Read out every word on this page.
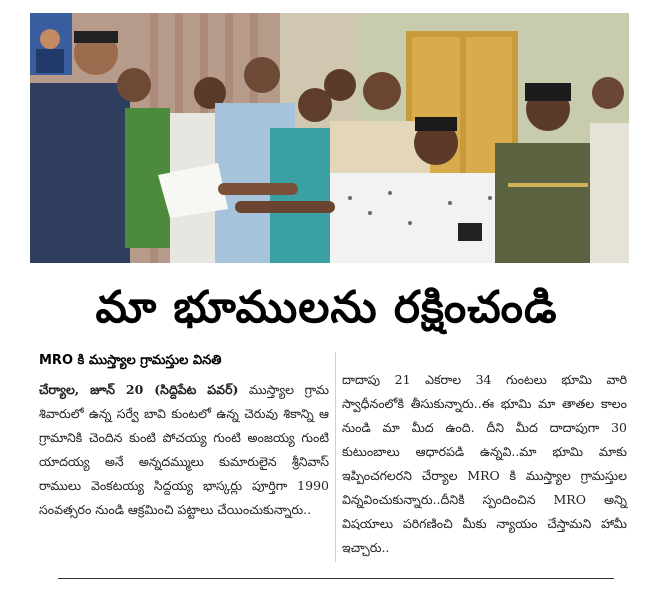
మా భూములను రక్షించండి
MRO కి ముస్త్యాల గ్రామస్తుల వినతి
చేర్యాల, జూన్ 20 (సిద్దిపేట పవర్) ముస్త్యాల గ్రామ శివారులో ఉన్న సర్వే బావి కుంటలో ఉన్న చెరువు శికాన్ని ఆ గ్రామానికి చెందిన కుంటి పోచయ్య గుంటి అంజయ్య గుంటి యాదయ్య అనే అన్నదమ్ములు కుమారులైన శ్రీనివాస్ రాములు వెంకటయ్య సిద్దయ్య భాస్కర్లు పూర్తిగా 1990 సంవత్సరం నుండి ఆక్రమించి పట్టాలు చేయించుకున్నారు..
దాదాపు 21 ఎకరాల 34 గుంటలు భూమి వారి స్వాధీనంలోకి తీసుకున్నారు..ఈ భూమి మా తాతల కాలం నుండి మా మీద ఉంది. దీని మీద దాదాపుగా 30 కుటుంబాలు ఆధారపడి ఉన్నవి..మా భూమి మాకు ఇప్పించగలరని చేర్యాల MRO కి ముస్త్యాల గ్రామస్తుల విన్నవించుకున్నారు..దీనికి స్పందించిన MRO అన్ని విషయాలు పరిగణించి మీకు న్యాయం చేస్తామని హామీ ఇచ్చారు..
